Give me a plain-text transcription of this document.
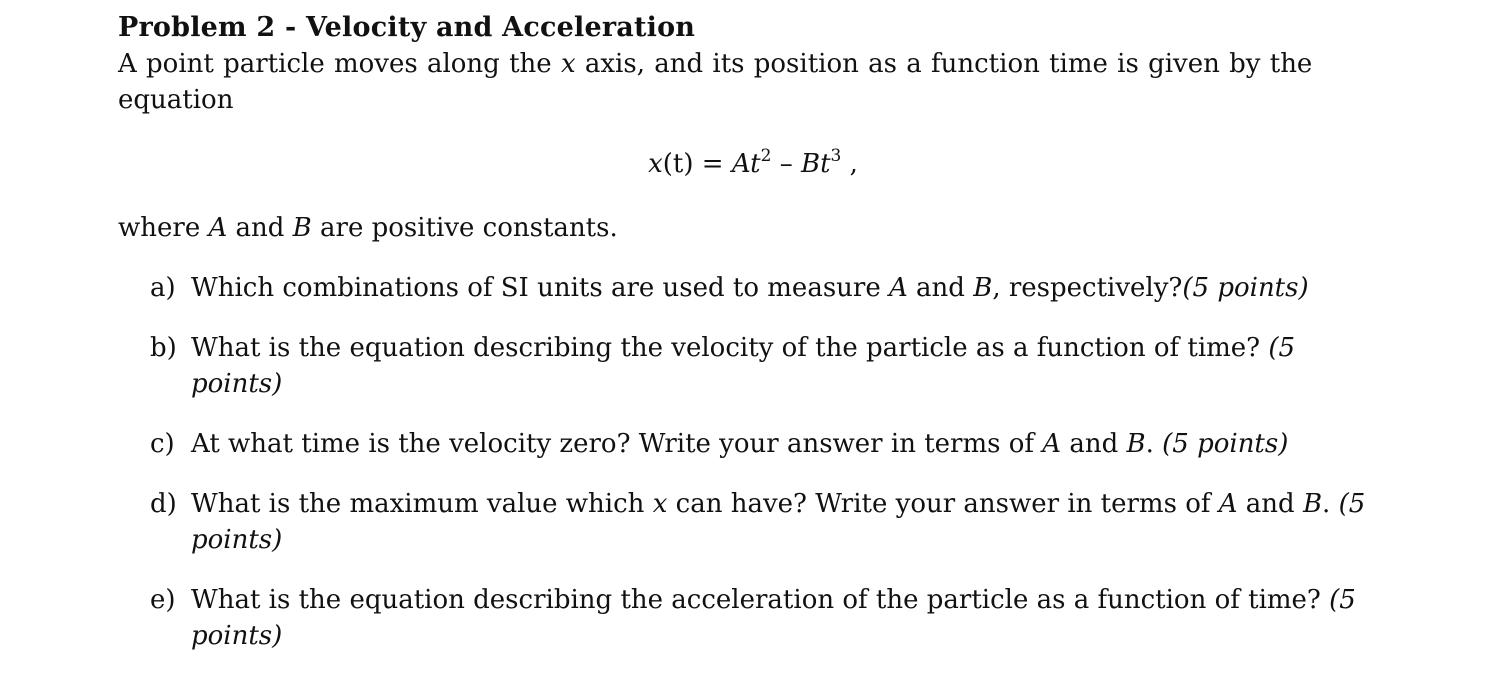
Problem 2 - Velocity and Acceleration

A point particle moves along the x axis, and its position as a function time is given by the equation

$x(t) = At^2 - Bt^3$ ,

where A and B are positive constants.

a) Which combinations of SI units are used to measure A and B, respectively?(5 points)
b) What is the equation describing the velocity of the particle as a function of time? (5 points)
c) At what time is the velocity zero? Write your answer in terms of A and B. (5 points)
d) What is the maximum value which x can have? Write your answer in terms of A and B. (5 points)
e) What is the equation describing the acceleration of the particle as a function of time? (5 points)
